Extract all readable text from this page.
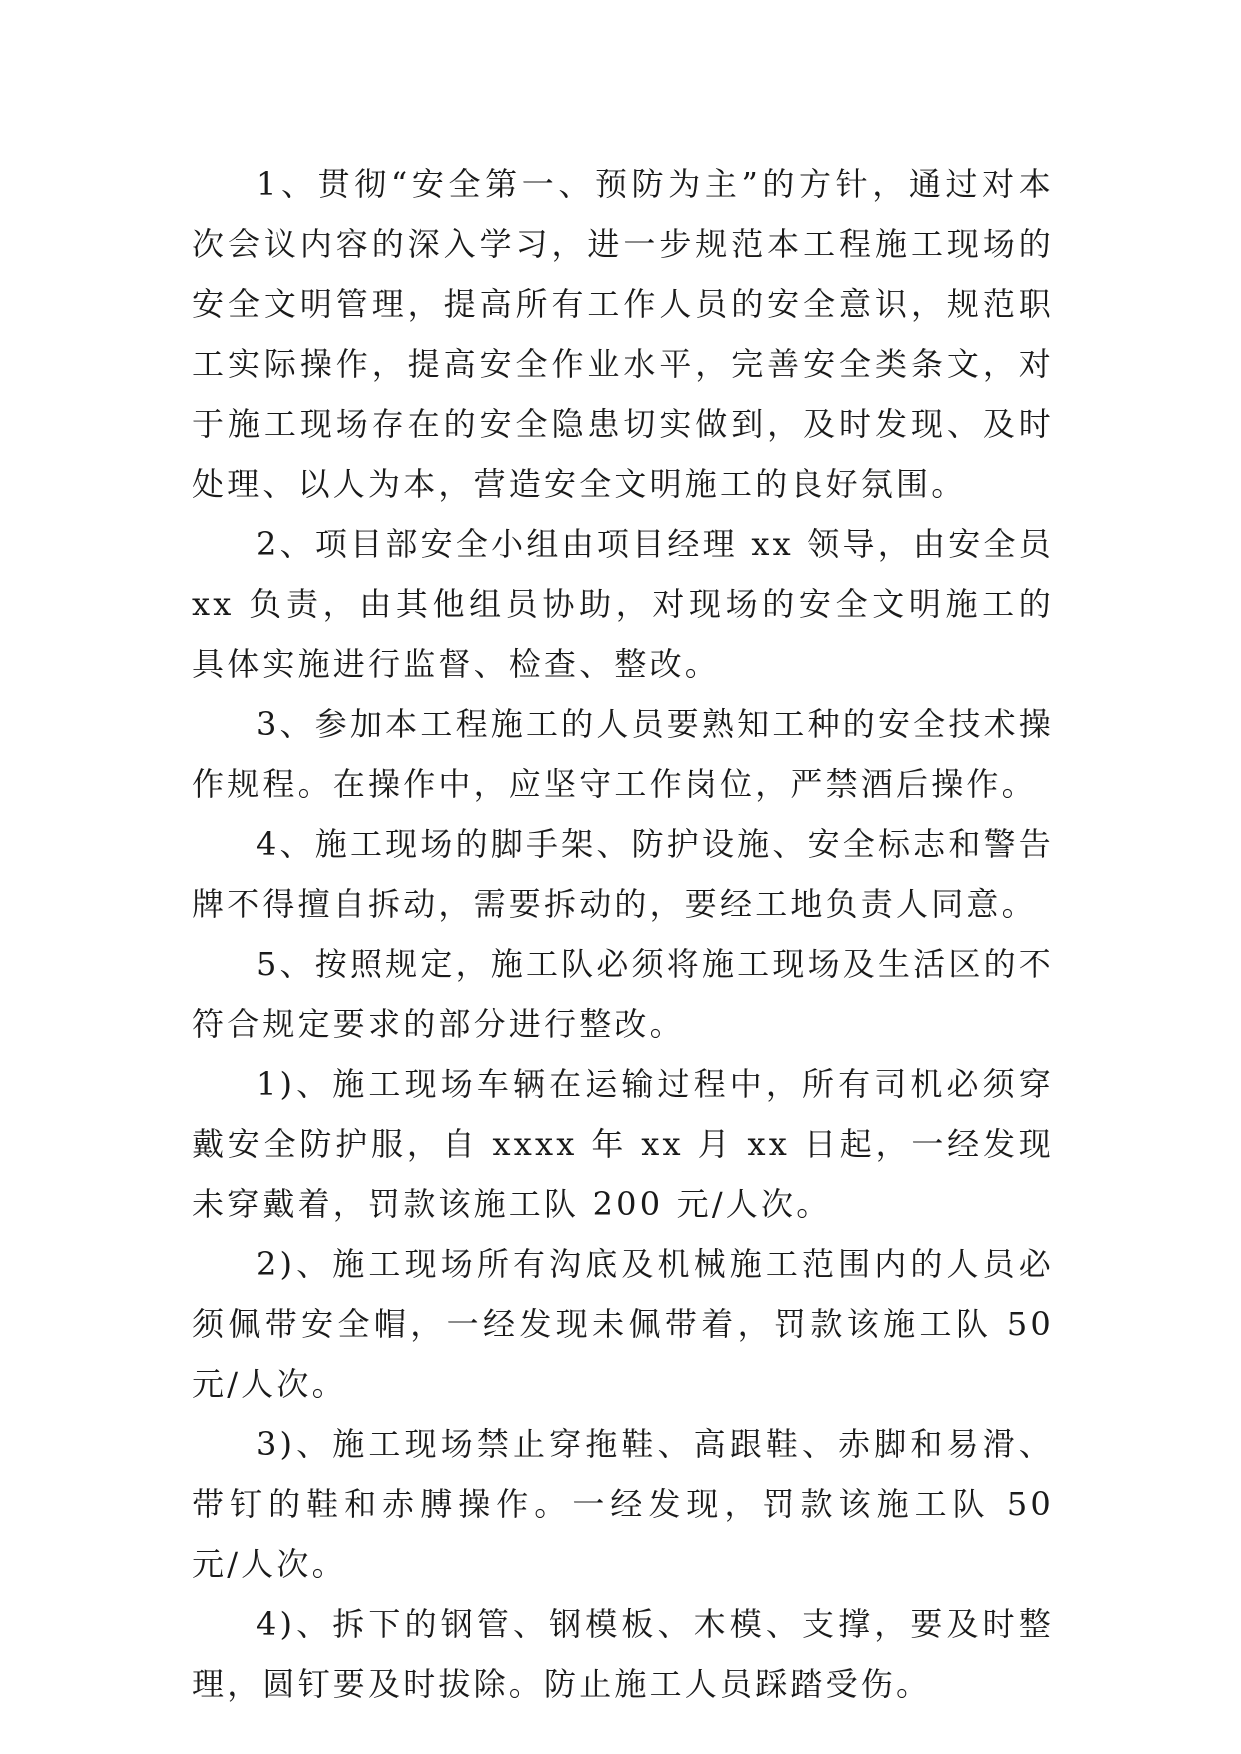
1、贯彻“安全第一、预防为主”的方针，通过对本次会议内容的深入学习，进一步规范本工程施工现场的安全文明管理，提高所有工作人员的安全意识，规范职工实际操作，提高安全作业水平，完善安全类条文，对于施工现场存在的安全隐患切实做到，及时发现、及时处理、以人为本，营造安全文明施工的良好氛围。

2、项目部安全小组由项目经理 xx 领导，由安全员 xx 负责，由其他组员协助，对现场的安全文明施工的具体实施进行监督、检查、整改。

3、参加本工程施工的人员要熟知工种的安全技术操作规程。在操作中，应坚守工作岗位，严禁酒后操作。

4、施工现场的脚手架、防护设施、安全标志和警告牌不得擅自拆动，需要拆动的，要经工地负责人同意。

5、按照规定，施工队必须将施工现场及生活区的不符合规定要求的部分进行整改。

1)、施工现场车辆在运输过程中，所有司机必须穿戴安全防护服，自 xxxx 年 xx 月 xx 日起，一经发现未穿戴着，罚款该施工队 200 元/人次。

2)、施工现场所有沟底及机械施工范围内的人员必须佩带安全帽，一经发现未佩带着，罚款该施工队 50 元/人次。

3)、施工现场禁止穿拖鞋、高跟鞋、赤脚和易滑、带钉的鞋和赤膊操作。一经发现，罚款该施工队 50 元/人次。

4)、拆下的钢管、钢模板、木模、支撑，要及时整理，圆钉要及时拔除。防止施工人员踩踏受伤。
